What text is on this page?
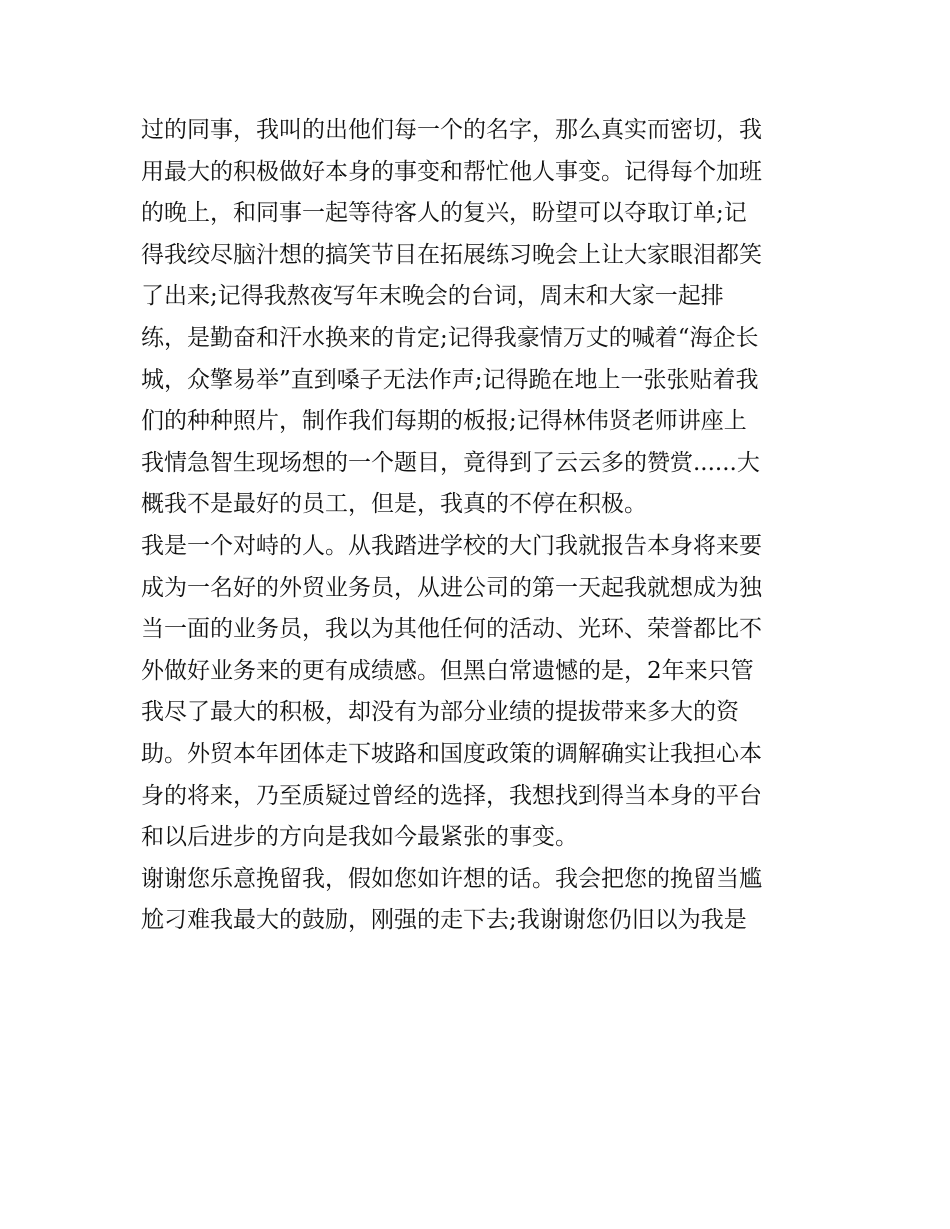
过的同事，我叫的出他们每一个的名字，那么真实而密切，我
用最大的积极做好本身的事变和帮忙他人事变。记得每个加班
的晚上，和同事一起等待客人的复兴，盼望可以夺取订单;记
得我绞尽脑汁想的搞笑节目在拓展练习晚会上让大家眼泪都笑
了出来;记得我熬夜写年末晚会的台词，周末和大家一起排
练，是勤奋和汗水换来的肯定;记得我豪情万丈的喊着“海企长
城，众擎易举”直到嗓子无法作声;记得跪在地上一张张贴着我
们的种种照片，制作我们每期的板报;记得林伟贤老师讲座上
我情急智生现场想的一个题目，竟得到了云云多的赞赏......大
概我不是最好的员工，但是，我真的不停在积极。
我是一个对峙的人。从我踏进学校的大门我就报告本身将来要
成为一名好的外贸业务员，从进公司的第一天起我就想成为独
当一面的业务员，我以为其他任何的活动、光环、荣誉都比不
外做好业务来的更有成绩感。但黑白常遗憾的是，2年来只管
我尽了最大的积极，却没有为部分业绩的提拔带来多大的资
助。外贸本年团体走下坡路和国度政策的调解确实让我担心本
身的将来，乃至质疑过曾经的选择，我想找到得当本身的平台
和以后进步的方向是我如今最紧张的事变。
谢谢您乐意挽留我，假如您如许想的话。我会把您的挽留当尴
尬刁难我最大的鼓励，刚强的走下去;我谢谢您仍旧以为我是
